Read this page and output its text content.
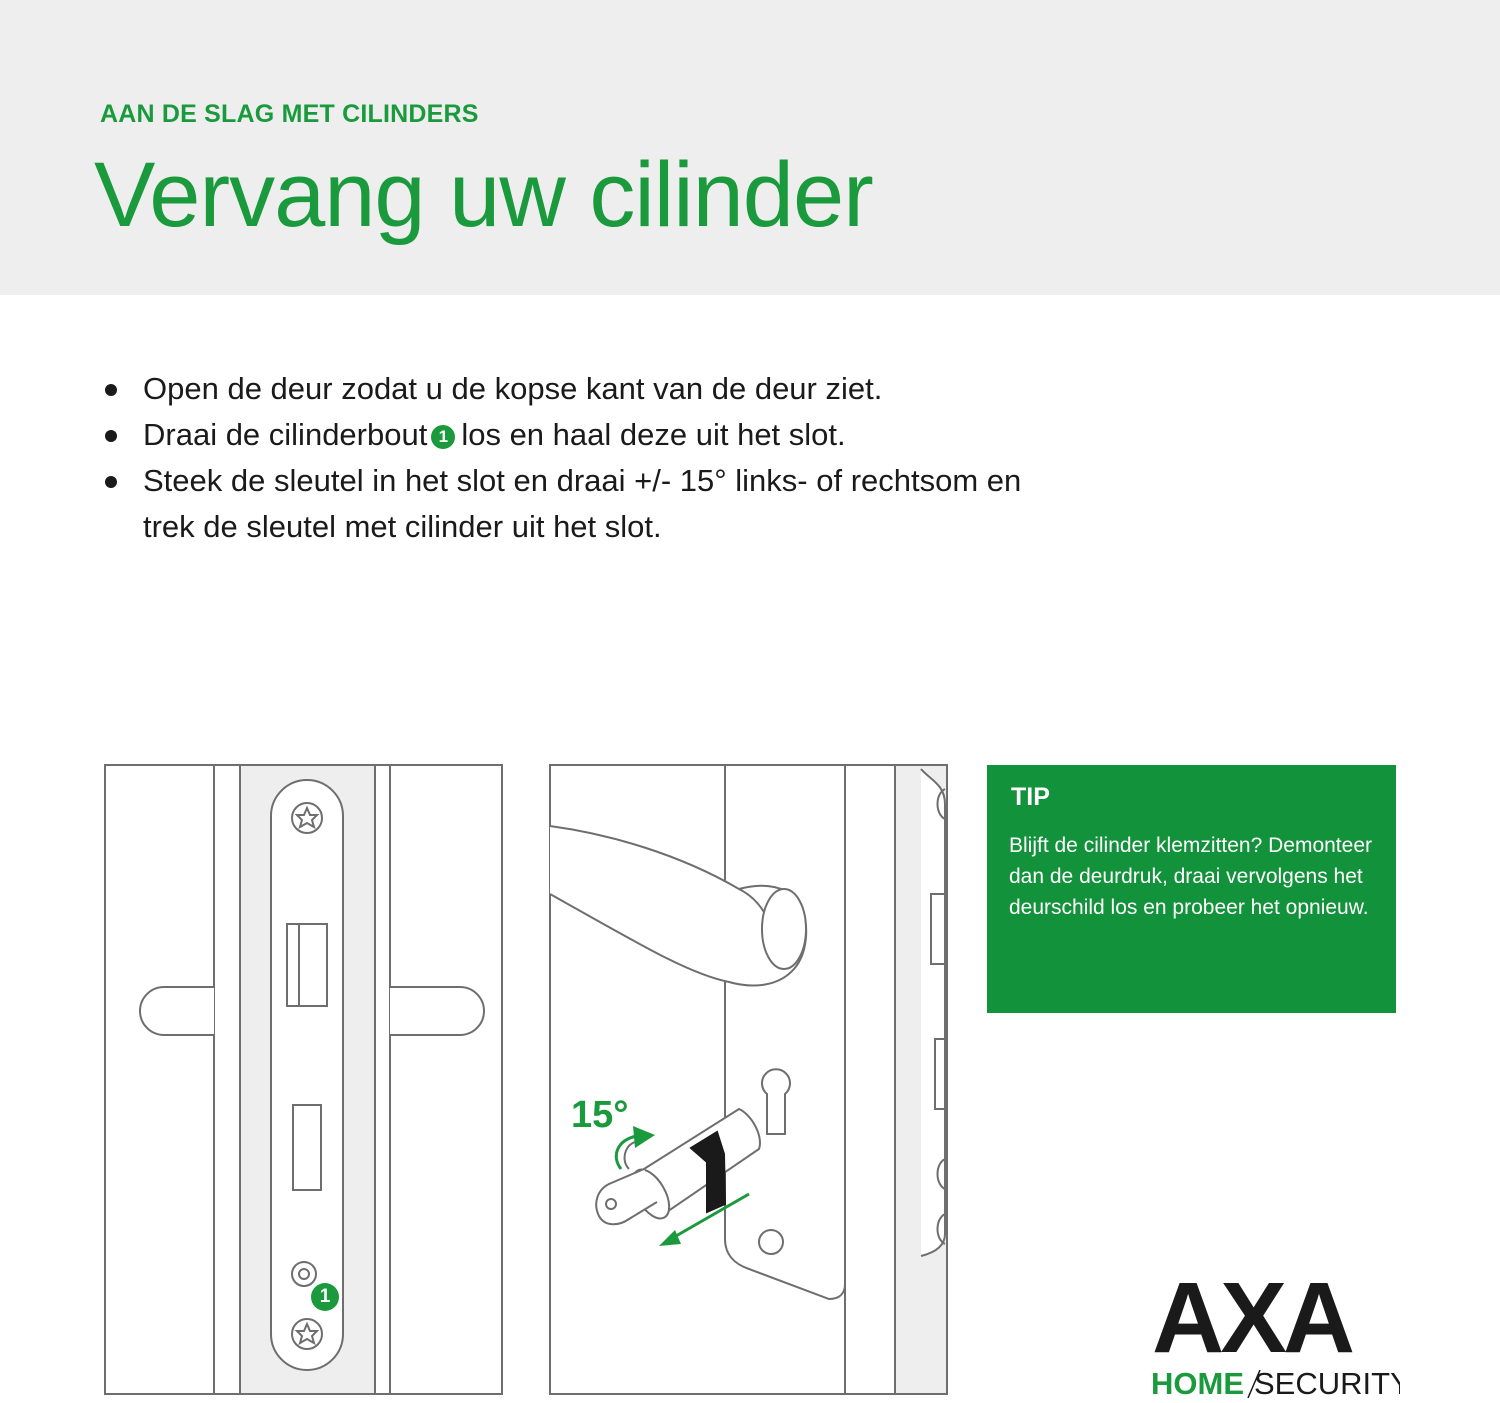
AAN DE SLAG MET CILINDERS
Vervang uw cilinder
Open de deur zodat u de kopse kant van de deur ziet.
Draai de cilinderbout 1 los en haal deze uit het slot.
Steek de sleutel in het slot en draai +/- 15° links- of rechtsom en trek de sleutel met cilinder uit het slot.
1
15°
TIP
Blijft de cilinder klemzitten? Demonteer dan de deurdruk, draai vervolgens het deurschild los en probeer het opnieuw.
AXA
HOME SECURITY
